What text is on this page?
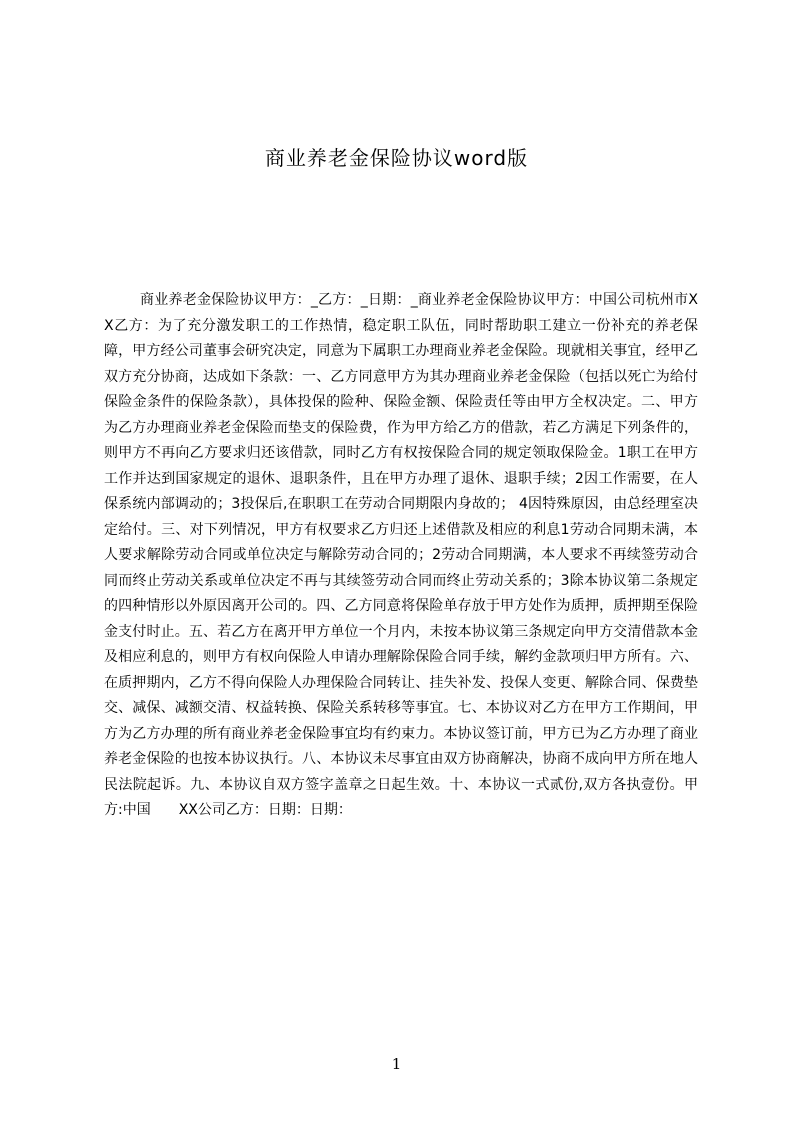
商业养老金保险协议word版

商业养老金保险协议甲方：_乙方：_日期：_商业养老金保险协议甲方：中国公司杭州市XX乙方：为了充分激发职工的工作热情，稳定职工队伍，同时帮助职工建立一份补充的养老保障，甲方经公司董事会研究决定，同意为下属职工办理商业养老金保险。现就相关事宜，经甲乙双方充分协商，达成如下条款：一、乙方同意甲方为其办理商业养老金保险（包括以死亡为给付保险金条件的保险条款），具体投保的险种、保险金额、保险责任等由甲方全权决定。二、甲方为乙方办理商业养老金保险而垫支的保险费，作为甲方给乙方的借款，若乙方满足下列条件的，则甲方不再向乙方要求归还该借款，同时乙方有权按保险合同的规定领取保险金。1职工在甲方工作并达到国家规定的退休、退职条件，且在甲方办理了退休、退职手续；2因工作需要，在人保系统内部调动的；3投保后,在职职工在劳动合同期限内身故的； 4因特殊原因，由总经理室决定给付。三、对下列情况，甲方有权要求乙方归还上述借款及相应的利息1劳动合同期未满，本人要求解除劳动合同或单位决定与解除劳动合同的；2劳动合同期满，本人要求不再续签劳动合同而终止劳动关系或单位决定不再与其续签劳动合同而终止劳动关系的；3除本协议第二条规定的四种情形以外原因离开公司的。四、乙方同意将保险单存放于甲方处作为质押，质押期至保险金支付时止。五、若乙方在离开甲方单位一个月内，未按本协议第三条规定向甲方交清借款本金及相应利息的，则甲方有权向保险人申请办理解除保险合同手续，解约金款项归甲方所有。六、在质押期内，乙方不得向保险人办理保险合同转让、挂失补发、投保人变更、解除合同、保费垫交、减保、减额交清、权益转换、保险关系转移等事宜。七、本协议对乙方在甲方工作期间，甲方为乙方办理的所有商业养老金保险事宜均有约束力。本协议签订前，甲方已为乙方办理了商业养老金保险的也按本协议执行。八、本协议未尽事宜由双方协商解决，协商不成向甲方所在地人民法院起诉。九、本协议自双方签字盖章之日起生效。十、本协议一式贰份,双方各执壹份。甲方:中国　　XX公司乙方：日期：日期：

1
